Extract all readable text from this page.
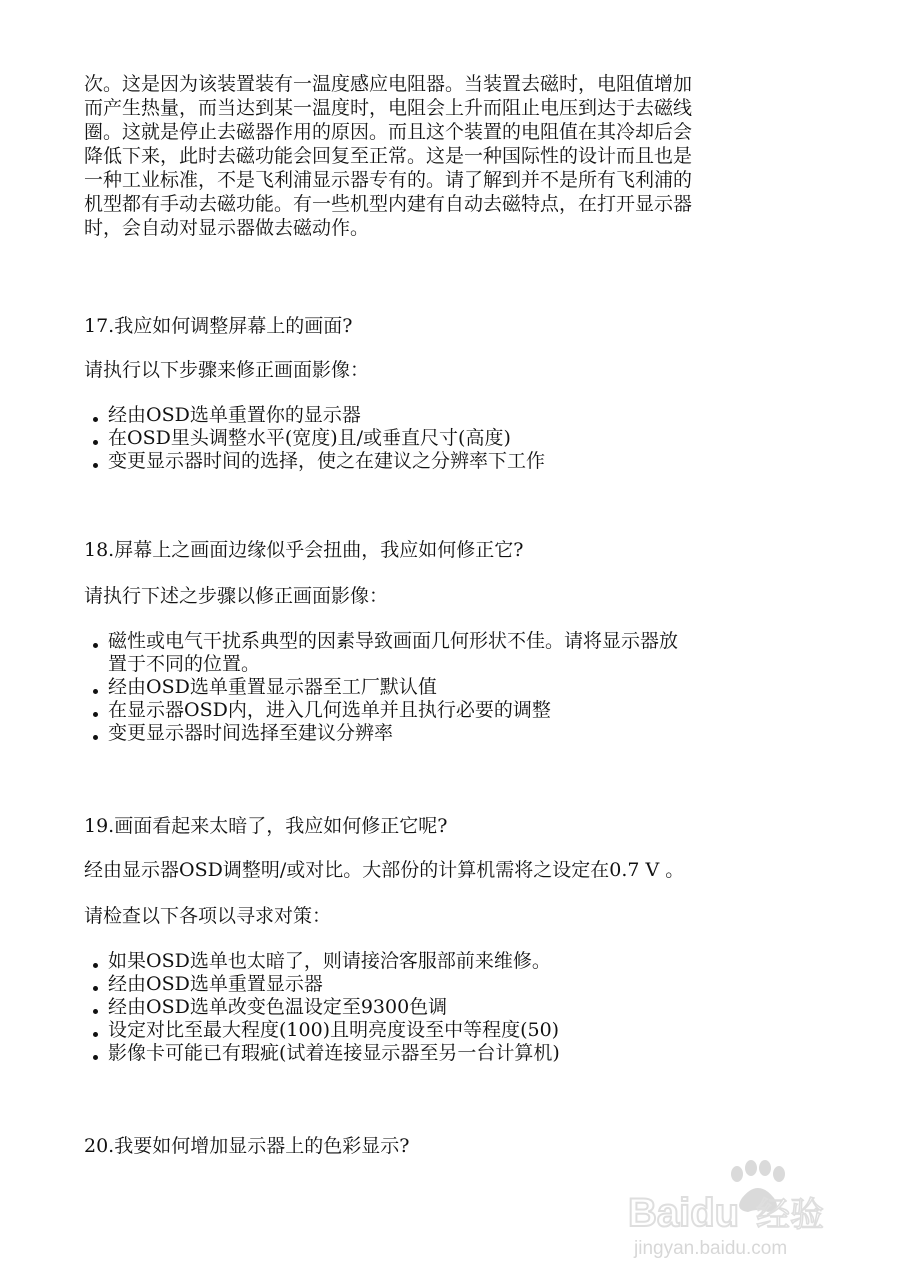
次。这是因为该装置装有一温度感应电阻器。当装置去磁时，电阻值增加

而产生热量，而当达到某一温度时，电阻会上升而阻止电压到达于去磁线

圈。这就是停止去磁器作用的原因。而且这个装置的电阻值在其冷却后会

降低下来，此时去磁功能会回复至正常。这是一种国际性的设计而且也是

一种工业标准，不是飞利浦显示器专有的。请了解到并不是所有飞利浦的

机型都有手动去磁功能。有一些机型内建有自动去磁特点，在打开显示器

时，会自动对显示器做去磁动作。

17.我应如何调整屏幕上的画面?

请执行以下步骤来修正画面影像：

经由OSD选单重置你的显示器
在OSD里头调整水平(宽度)且/或垂直尺寸(高度)
变更显示器时间的选择，使之在建议之分辨率下工作

18.屏幕上之画面边缘似乎会扭曲，我应如何修正它?

请执行下述之步骤以修正画面影像：

磁性或电气干扰系典型的因素导致画面几何形状不佳。请将显示器放
置于不同的位置。
经由OSD选单重置显示器至工厂默认值
在显示器OSD内，进入几何选单并且执行必要的调整
变更显示器时间选择至建议分辨率

19.画面看起来太暗了，我应如何修正它呢?

经由显示器OSD调整明/或对比。大部份的计算机需将之设定在0.7 V 。

请检查以下各项以寻求对策：

如果OSD选单也太暗了，则请接洽客服部前来维修。
经由OSD选单重置显示器
经由OSD选单改变色温设定至9300色调
设定对比至最大程度(100)且明亮度设至中等程度(50)
影像卡可能已有瑕疵(试着连接显示器至另一台计算机)

20.我要如何增加显示器上的色彩显示?

Baidu 经验
jingyan.baidu.com
